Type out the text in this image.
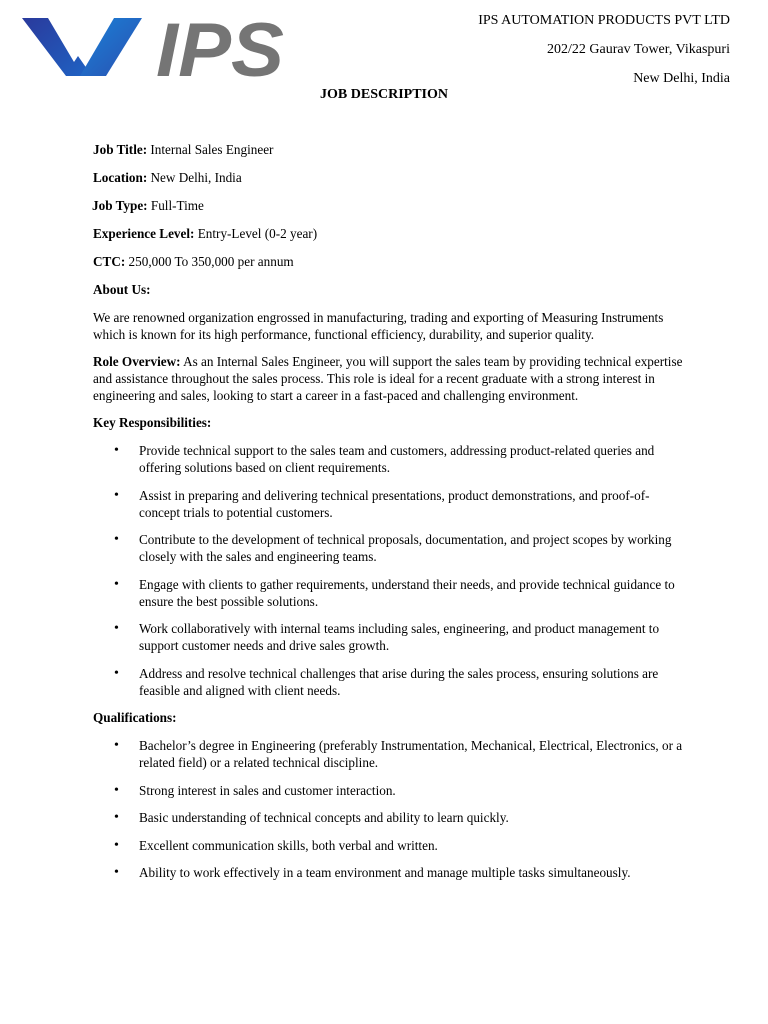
IPS	IPS AUTOMATION PRODUCTS PVT LTD
202/22 Gaurav Tower, Vikaspuri
New Delhi, India
JOB DESCRIPTION
Job Title: Internal Sales Engineer
Location: New Delhi, India
Job Type: Full-Time
Experience Level: Entry-Level (0-2 year)
CTC: 250,000 To 350,000 per annum
About Us:
We are renowned organization engrossed in manufacturing, trading and exporting of Measuring Instruments which is known for its high performance, functional efficiency, durability, and superior quality.
Role Overview: As an Internal Sales Engineer, you will support the sales team by providing technical expertise and assistance throughout the sales process. This role is ideal for a recent graduate with a strong interest in engineering and sales, looking to start a career in a fast-paced and challenging environment.
Key Responsibilities:
• Provide technical support to the sales team and customers, addressing product-related queries and offering solutions based on client requirements.
• Assist in preparing and delivering technical presentations, product demonstrations, and proof-of-concept trials to potential customers.
• Contribute to the development of technical proposals, documentation, and project scopes by working closely with the sales and engineering teams.
• Engage with clients to gather requirements, understand their needs, and provide technical guidance to ensure the best possible solutions.
• Work collaboratively with internal teams including sales, engineering, and product management to support customer needs and drive sales growth.
• Address and resolve technical challenges that arise during the sales process, ensuring solutions are feasible and aligned with client needs.
Qualifications:
• Bachelor’s degree in Engineering (preferably Instrumentation, Mechanical, Electrical, Electronics, or a related field) or a related technical discipline.
• Strong interest in sales and customer interaction.
• Basic understanding of technical concepts and ability to learn quickly.
• Excellent communication skills, both verbal and written.
• Ability to work effectively in a team environment and manage multiple tasks simultaneously.
